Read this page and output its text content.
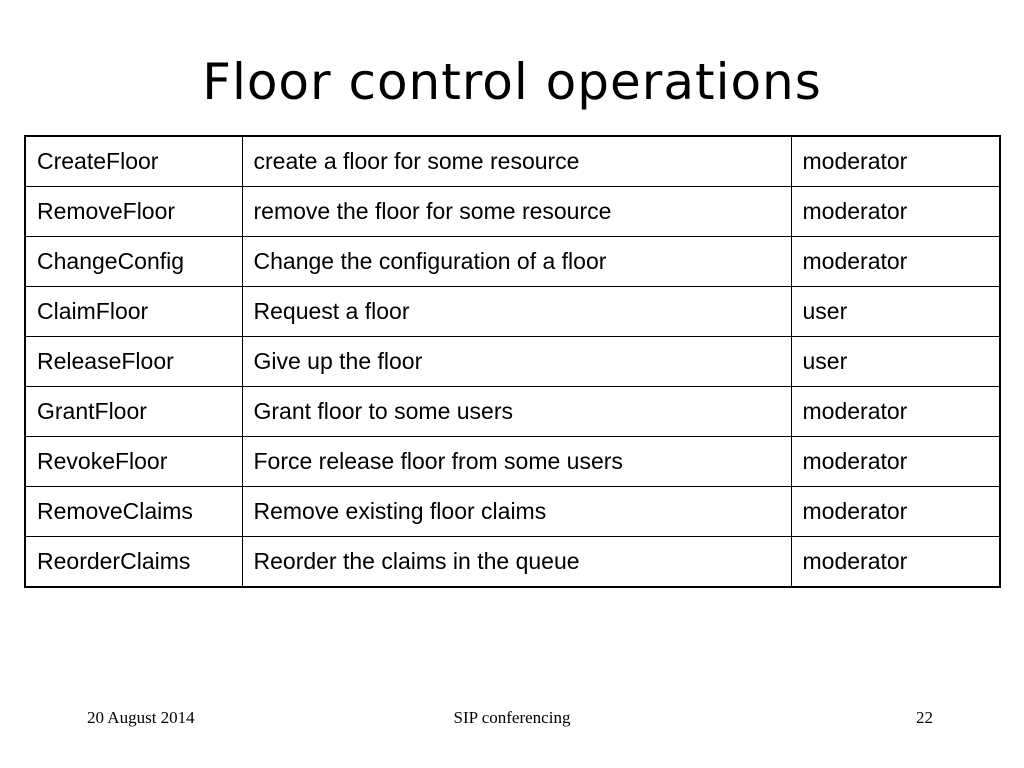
Floor control operations
CreateFloor	create a floor for some resource	moderator
RemoveFloor	remove the floor for some resource	moderator
ChangeConfig	Change the configuration of a floor	moderator
ClaimFloor	Request a floor	user
ReleaseFloor	Give up the floor	user
GrantFloor	Grant floor to some users	moderator
RevokeFloor	Force release floor from some users	moderator
RemoveClaims	Remove existing floor claims	moderator
ReorderClaims	Reorder the claims in the queue	moderator
20 August 2014	SIP conferencing	22
